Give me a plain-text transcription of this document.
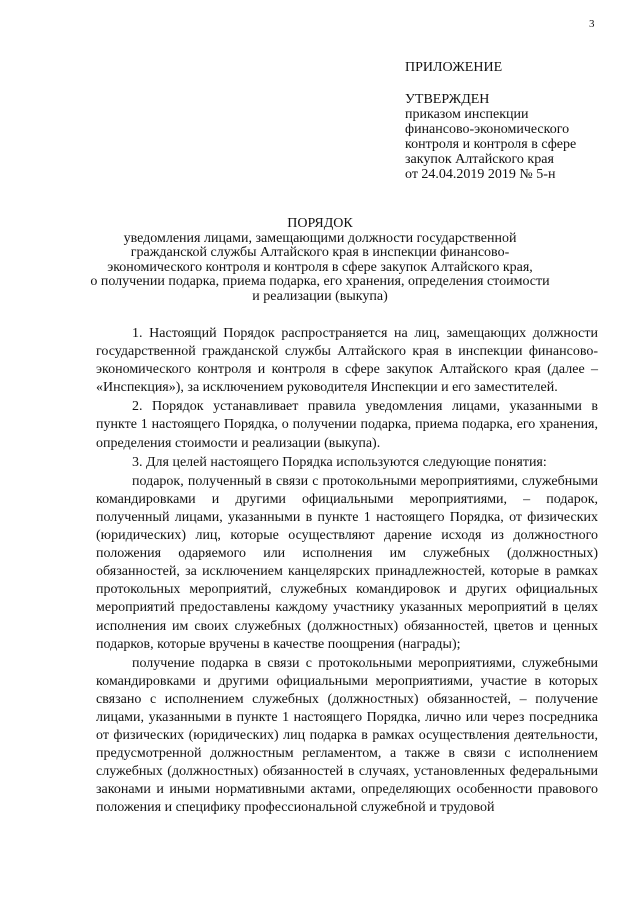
3
ПРИЛОЖЕНИЕ
УТВЕРЖДЕН
приказом инспекции
финансово-экономического
контроля и контроля в сфере
закупок Алтайского края
от 24.04.2019 2019 № 5-н
ПОРЯДОК
уведомления лицами, замещающими должности государственной
гражданской службы Алтайского края в инспекции финансово-
экономического контроля и контроля в сфере закупок Алтайского края,
о получении подарка, приема подарка, его хранения, определения стоимости
и реализации (выкупа)

1. Настоящий Порядок распространяется на лиц, замещающих должности государственной гражданской службы Алтайского края в инспекции финансово-экономического контроля и контроля в сфере закупок Алтайского края (далее – «Инспекция»), за исключением руководителя Инспекции и его заместителей.

2. Порядок устанавливает правила уведомления лицами, указанными в пункте 1 настоящего Порядка, о получении подарка, приема подарка, его хранения, определения стоимости и реализации (выкупа).

3. Для целей настоящего Порядка используются следующие понятия:

подарок, полученный в связи с протокольными мероприятиями, служебными командировками и другими официальными мероприятиями, – подарок, полученный лицами, указанными в пункте 1 настоящего Порядка, от физических (юридических) лиц, которые осуществляют дарение исходя из должностного положения одаряемого или исполнения им служебных (должностных) обязанностей, за исключением канцелярских принадлежностей, которые в рамках протокольных мероприятий, служебных командировок и других официальных мероприятий предоставлены каждому участнику указанных мероприятий в целях исполнения им своих служебных (должностных) обязанностей, цветов и ценных подарков, которые вручены в качестве поощрения (награды);

получение подарка в связи с протокольными мероприятиями, служебными командировками и другими официальными мероприятиями, участие в которых связано с исполнением служебных (должностных) обязанностей, – получение лицами, указанными в пункте 1 настоящего Порядка, лично или через посредника от физических (юридических) лиц подарка в рамках осуществления деятельности, предусмотренной должностным регламентом, а также в связи с исполнением служебных (должностных) обязанностей в случаях, установленных федеральными законами и иными нормативными актами, определяющих особенности правового положения и специфику профессиональной служебной и трудовой
